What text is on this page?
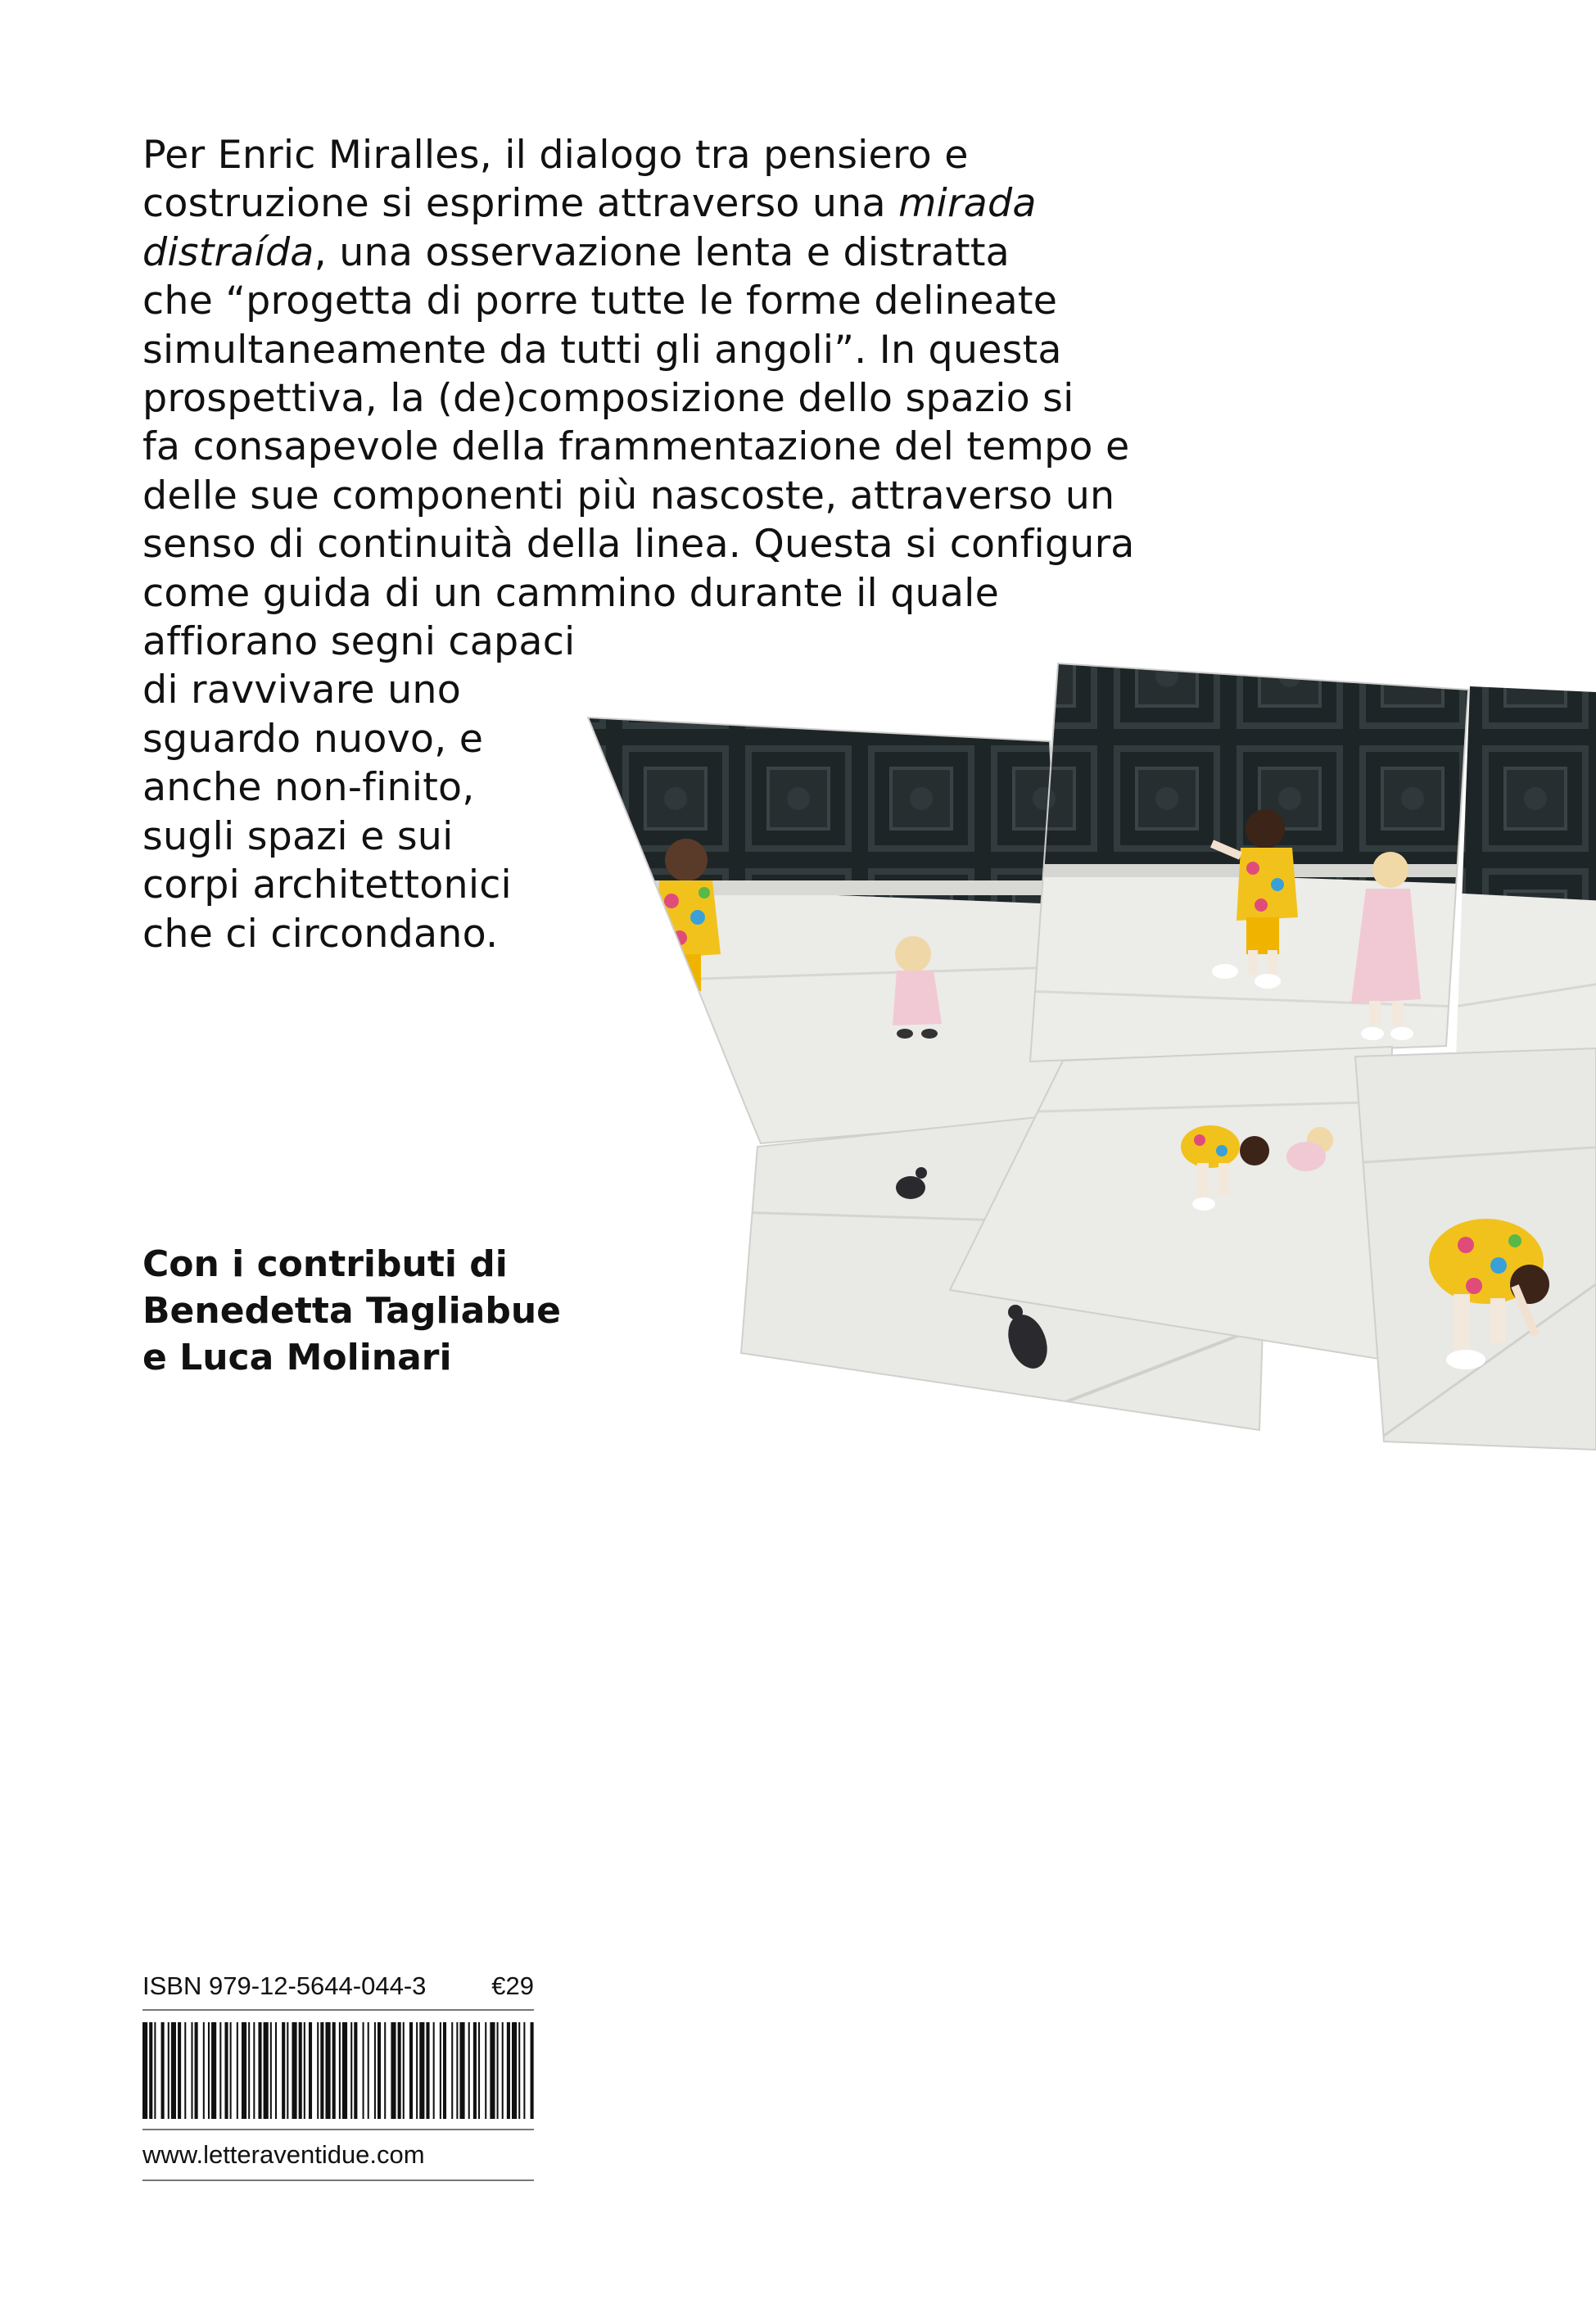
Per Enric Miralles, il dialogo tra pensiero e
costruzione si esprime attraverso una mirada
distraída, una osservazione lenta e distratta
che “progetta di porre tutte le forme delineate
simultaneamente da tutti gli angoli”. In questa
prospettiva, la (de)composizione dello spazio si
fa consapevole della frammentazione del tempo e
delle sue componenti più nascoste, attraverso un
senso di continuità della linea. Questa si configura
come guida di un cammino durante il quale
affiorano segni capaci
di ravvivare uno
sguardo nuovo, e
anche non-finito,
sugli spazi e sui
corpi architettonici
che ci circondano.
Con i contributi di
Benedetta Tagliabue
e Luca Molinari
ISBN 979-12-5644-044-3	€29
www.letteraventidue.com
